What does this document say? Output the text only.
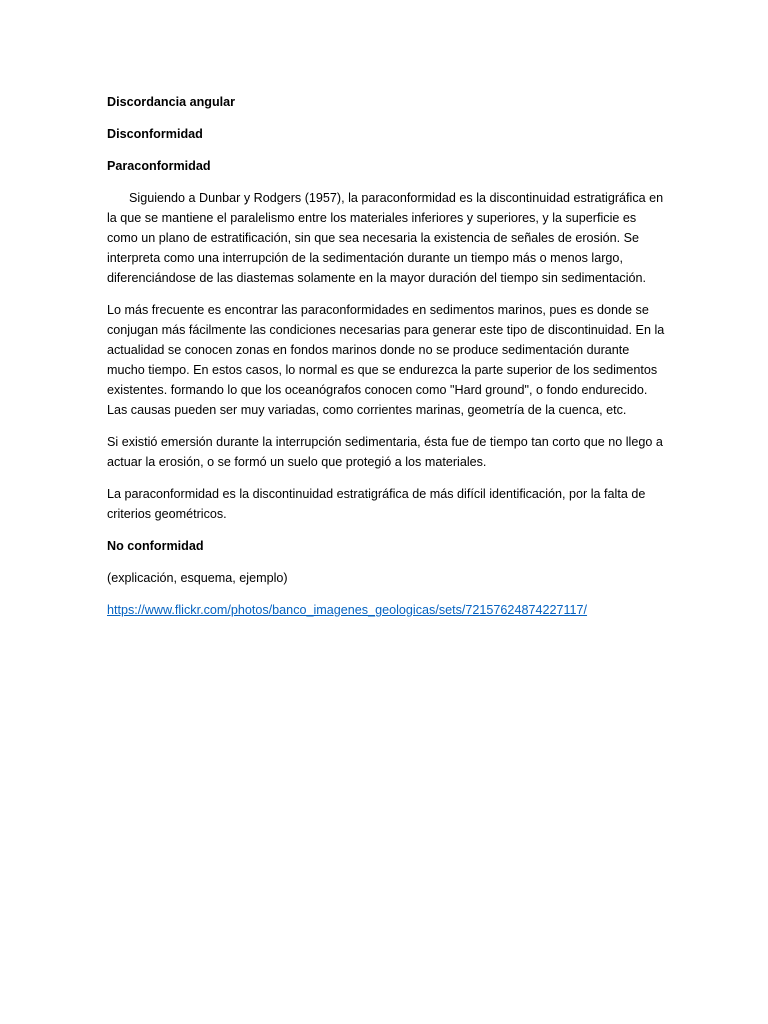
Discordancia angular

Disconformidad

Paraconformidad

Siguiendo a Dunbar y Rodgers (1957), la paraconformidad es la discontinuidad estratigráfica en la que se mantiene el paralelismo entre los materiales inferiores y superiores, y la superficie es como un plano de estratificación, sin que sea necesaria la existencia de señales de erosión. Se interpreta como una interrupción de la sedimentación durante un tiempo más o menos largo, diferenciándose de las diastemas solamente en la mayor duración del tiempo sin sedimentación.

Lo más frecuente es encontrar las paraconformidades en sedimentos marinos, pues es donde se conjugan más fácilmente las condiciones necesarias para generar este tipo de discontinuidad. En la actualidad se conocen zonas en fondos marinos donde no se produce sedimentación durante mucho tiempo. En estos casos, lo normal es que se endurezca la parte superior de los sedimentos existentes. formando lo que los oceanógrafos conocen como "Hard ground", o fondo endurecido. Las causas pueden ser muy variadas, como corrientes marinas, geometría de la cuenca, etc.

Si existió emersión durante la interrupción sedimentaria, ésta fue de tiempo tan corto que no llego a actuar la erosión, o se formó un suelo que protegió a los materiales.

La paraconformidad es la discontinuidad estratigráfica de más difícil identificación, por la falta de criterios geométricos.

No conformidad

(explicación, esquema, ejemplo)

https://www.flickr.com/photos/banco_imagenes_geologicas/sets/72157624874227117/
